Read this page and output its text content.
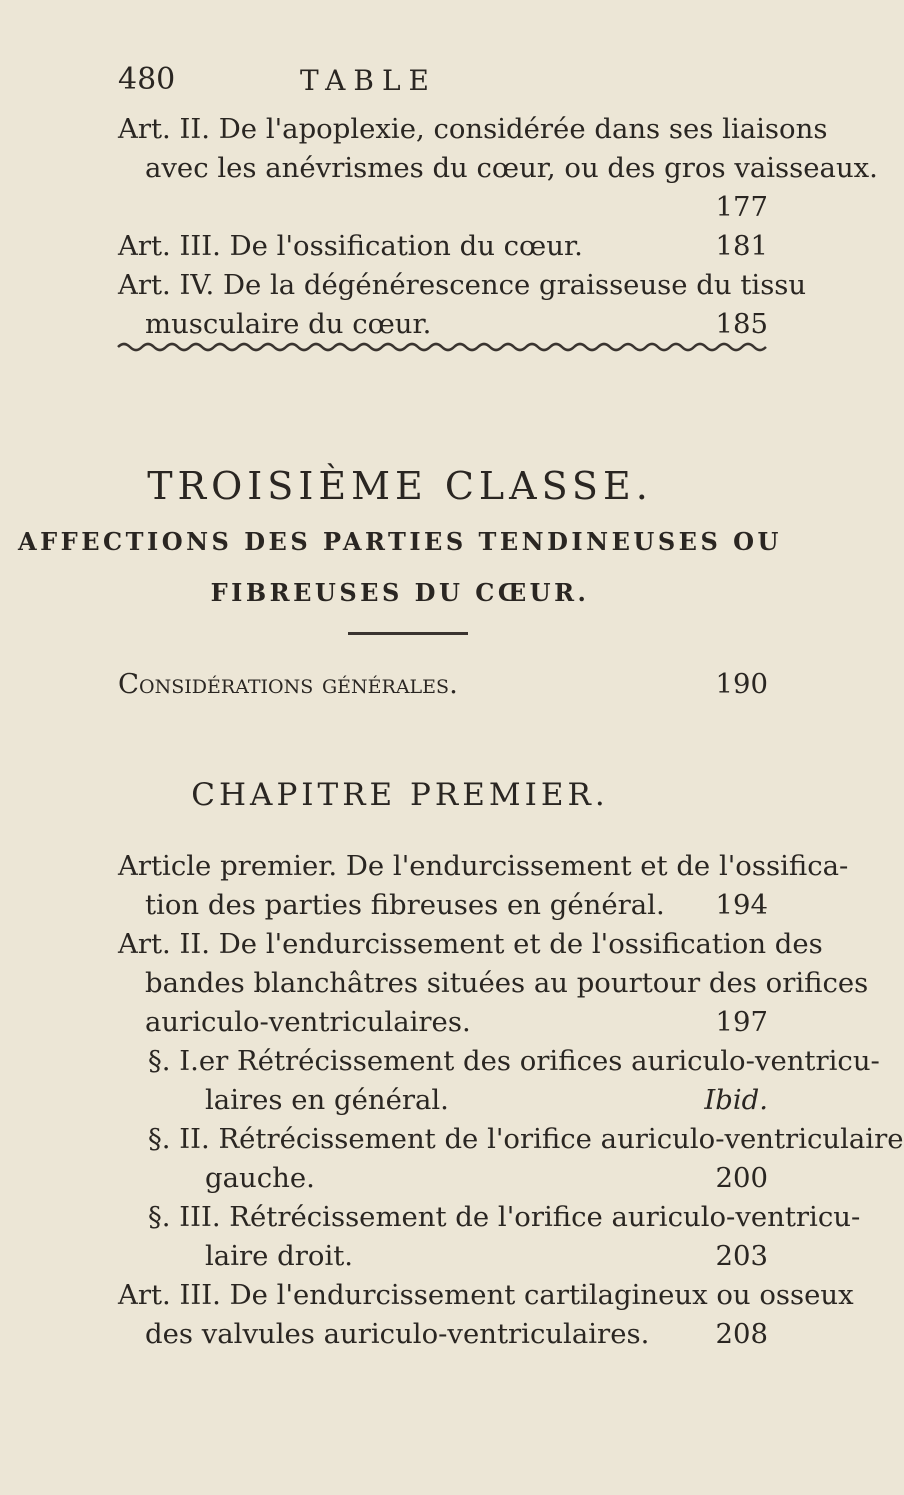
480	TABLE
Art. II. De l'apoplexie, considérée dans ses liaisons
avec les anévrismes du cœur, ou des gros vaisseaux.
177
Art. III. De l'ossification du cœur.	181
Art. IV. De la dégénérescence graisseuse du tissu
musculaire du cœur.	185
TROISIÈME CLASSE.
AFFECTIONS DES PARTIES TENDINEUSES OU
FIBREUSES DU CŒUR.
Considérations générales.	190
CHAPITRE PREMIER.
Article premier. De l'endurcissement et de l'ossifica-
tion des parties fibreuses en général.	194
Art. II. De l'endurcissement et de l'ossification des
bandes blanchâtres situées au pourtour des orifices
auriculo-ventriculaires.	197
§. I.er Rétrécissement des orifices auriculo-ventricu-
laires en général.	Ibid.
§. II. Rétrécissement de l'orifice auriculo-ventriculaire
gauche.	200
§. III. Rétrécissement de l'orifice auriculo-ventricu-
laire droit.	203
Art. III. De l'endurcissement cartilagineux ou osseux
des valvules auriculo-ventriculaires.	208
